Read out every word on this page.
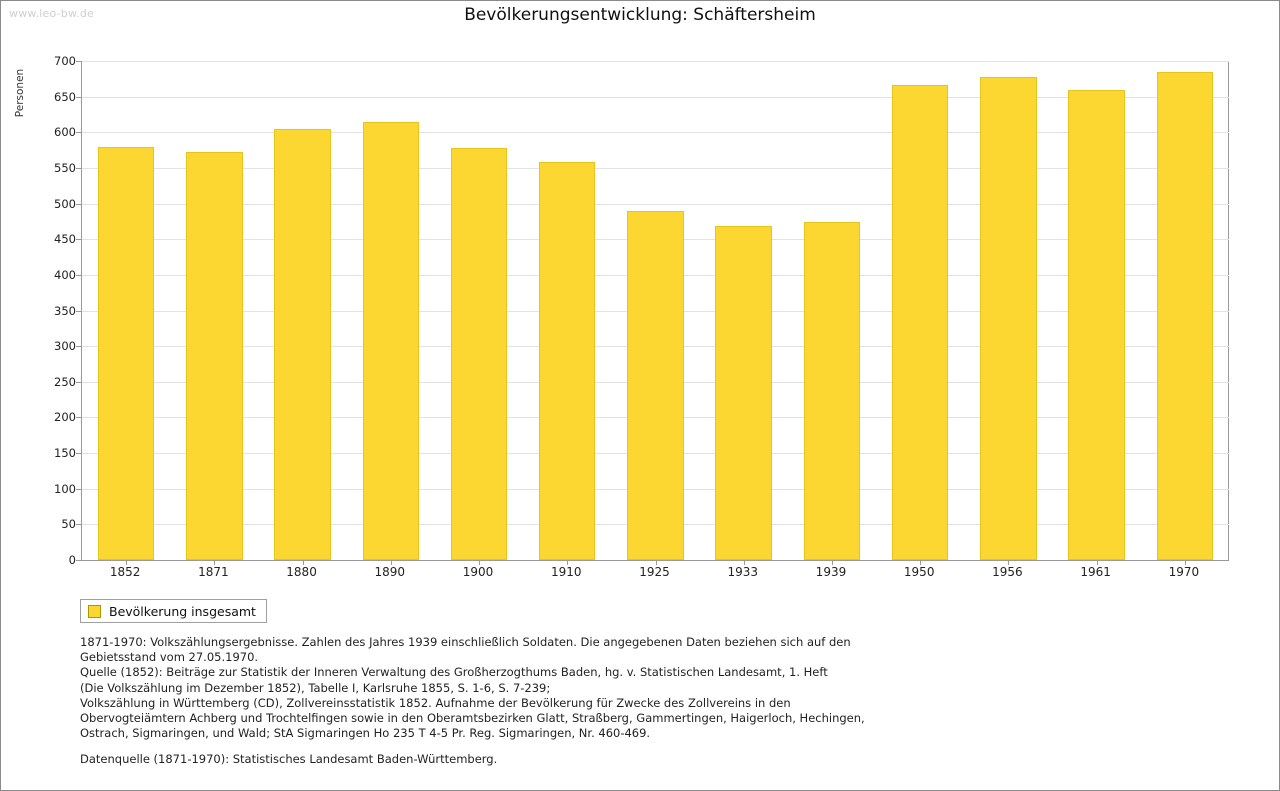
www.leo-bw.de	Bevölkerungsentwicklung: Schäftersheim
Personen
0
50
100
150
200
250
300
350
400
450
500
550
600
650
700
1852	1871	1880	1890	1900	1910	1925	1933	1939	1950	1956	1961	1970
Bevölkerung insgesamt
1871-1970: Volkszählungsergebnisse. Zahlen des Jahres 1939 einschließlich Soldaten. Die angegebenen Daten beziehen sich auf den
Gebietsstand vom 27.05.1970.
Quelle (1852): Beiträge zur Statistik der Inneren Verwaltung des Großherzogthums Baden, hg. v. Statistischen Landesamt, 1. Heft
(Die Volkszählung im Dezember 1852), Tabelle I, Karlsruhe 1855, S. 1-6, S. 7-239;
Volkszählung in Württemberg (CD), Zollvereinsstatistik 1852. Aufnahme der Bevölkerung für Zwecke des Zollvereins in den
Obervogteiämtern Achberg und Trochtelfingen sowie in den Oberamtsbezirken Glatt, Straßberg, Gammertingen, Haigerloch, Hechingen,
Ostrach, Sigmaringen, und Wald; StA Sigmaringen Ho 235 T 4-5 Pr. Reg. Sigmaringen, Nr. 460-469.
Datenquelle (1871-1970): Statistisches Landesamt Baden-Württemberg.
